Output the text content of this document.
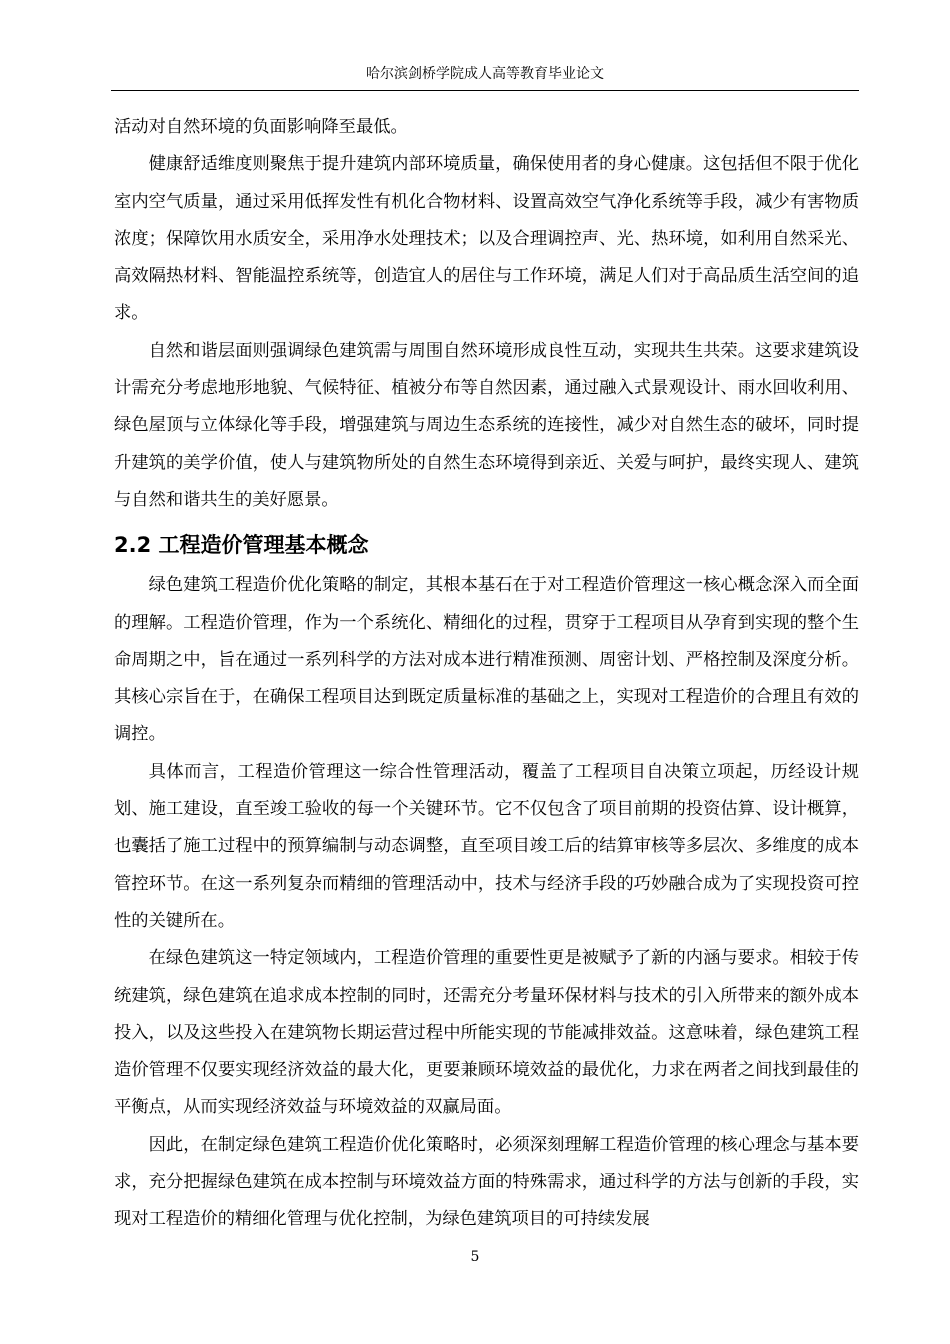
哈尔滨剑桥学院成人高等教育毕业论文

活动对自然环境的负面影响降至最低。

健康舒适维度则聚焦于提升建筑内部环境质量，确保使用者的身心健康。这包括但不限于优化室内空气质量，通过采用低挥发性有机化合物材料、设置高效空气净化系统等手段，减少有害物质浓度；保障饮用水质安全，采用净水处理技术；以及合理调控声、光、热环境，如利用自然采光、高效隔热材料、智能温控系统等，创造宜人的居住与工作环境，满足人们对于高品质生活空间的追求。

自然和谐层面则强调绿色建筑需与周围自然环境形成良性互动，实现共生共荣。这要求建筑设计需充分考虑地形地貌、气候特征、植被分布等自然因素，通过融入式景观设计、雨水回收利用、绿色屋顶与立体绿化等手段，增强建筑与周边生态系统的连接性，减少对自然生态的破坏，同时提升建筑的美学价值，使人与建筑物所处的自然生态环境得到亲近、关爱与呵护，最终实现人、建筑与自然和谐共生的美好愿景。

2.2 工程造价管理基本概念

绿色建筑工程造价优化策略的制定，其根本基石在于对工程造价管理这一核心概念深入而全面的理解。工程造价管理，作为一个系统化、精细化的过程，贯穿于工程项目从孕育到实现的整个生命周期之中，旨在通过一系列科学的方法对成本进行精准预测、周密计划、严格控制及深度分析。其核心宗旨在于，在确保工程项目达到既定质量标准的基础之上，实现对工程造价的合理且有效的调控。

具体而言，工程造价管理这一综合性管理活动，覆盖了工程项目自决策立项起，历经设计规划、施工建设，直至竣工验收的每一个关键环节。它不仅包含了项目前期的投资估算、设计概算，也囊括了施工过程中的预算编制与动态调整，直至项目竣工后的结算审核等多层次、多维度的成本管控环节。在这一系列复杂而精细的管理活动中，技术与经济手段的巧妙融合成为了实现投资可控性的关键所在。

在绿色建筑这一特定领域内，工程造价管理的重要性更是被赋予了新的内涵与要求。相较于传统建筑，绿色建筑在追求成本控制的同时，还需充分考量环保材料与技术的引入所带来的额外成本投入，以及这些投入在建筑物长期运营过程中所能实现的节能减排效益。这意味着，绿色建筑工程造价管理不仅要实现经济效益的最大化，更要兼顾环境效益的最优化，力求在两者之间找到最佳的平衡点，从而实现经济效益与环境效益的双赢局面。

因此，在制定绿色建筑工程造价优化策略时，必须深刻理解工程造价管理的核心理念与基本要求，充分把握绿色建筑在成本控制与环境效益方面的特殊需求，通过科学的方法与创新的手段，实现对工程造价的精细化管理与优化控制，为绿色建筑项目的可持续发展

5
